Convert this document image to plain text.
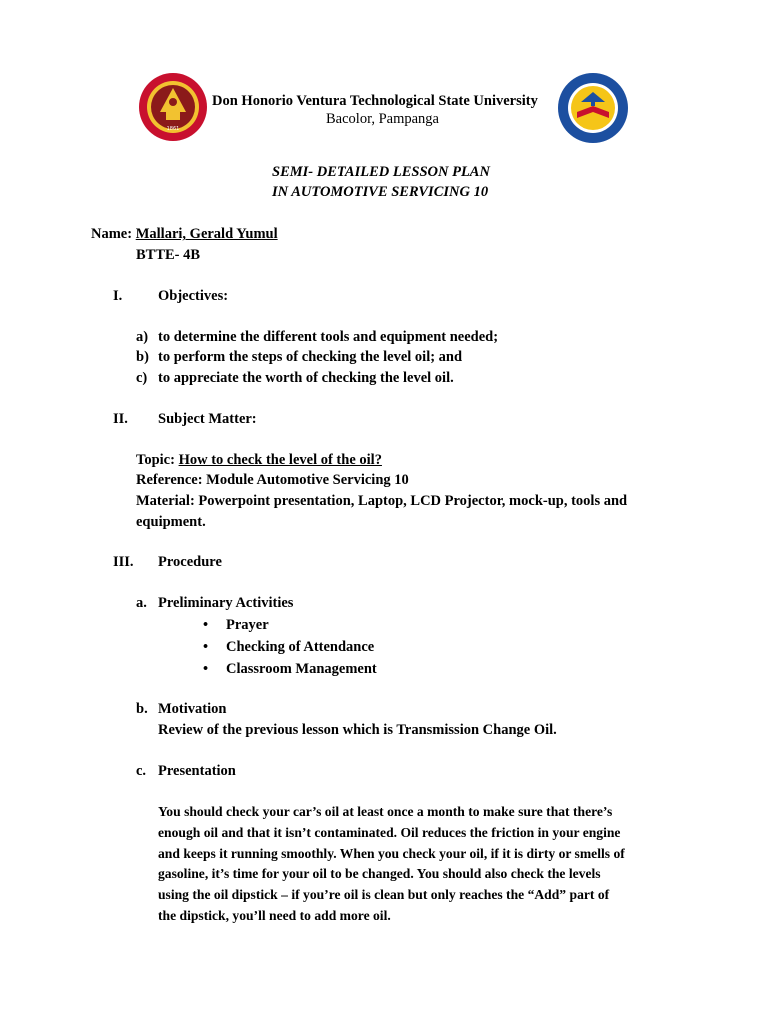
1861
Don Honorio Ventura Technological State University
Bacolor, Pampanga
SEMI- DETAILED LESSON PLAN
IN AUTOMOTIVE SERVICING 10
Name: Mallari, Gerald Yumul
BTTE- 4B
I. Objectives:
a) to determine the different tools and equipment needed;
b) to perform the steps of checking the level oil; and
c) to appreciate the worth of checking the level oil.
II. Subject Matter:
Topic: How to check the level of the oil?
Reference: Module Automotive Servicing 10
Material: Powerpoint presentation, Laptop, LCD Projector, mock-up, tools and
equipment.
III. Procedure
a. Preliminary Activities
• Prayer
• Checking of Attendance
• Classroom Management
b. Motivation
Review of the previous lesson which is Transmission Change Oil.
c. Presentation
You should check your car’s oil at least once a month to make sure that there’s
enough oil and that it isn’t contaminated. Oil reduces the friction in your engine
and keeps it running smoothly. When you check your oil, if it is dirty or smells of
gasoline, it’s time for your oil to be changed. You should also check the levels
using the oil dipstick – if you’re oil is clean but only reaches the “Add” part of
the dipstick, you’ll need to add more oil.
